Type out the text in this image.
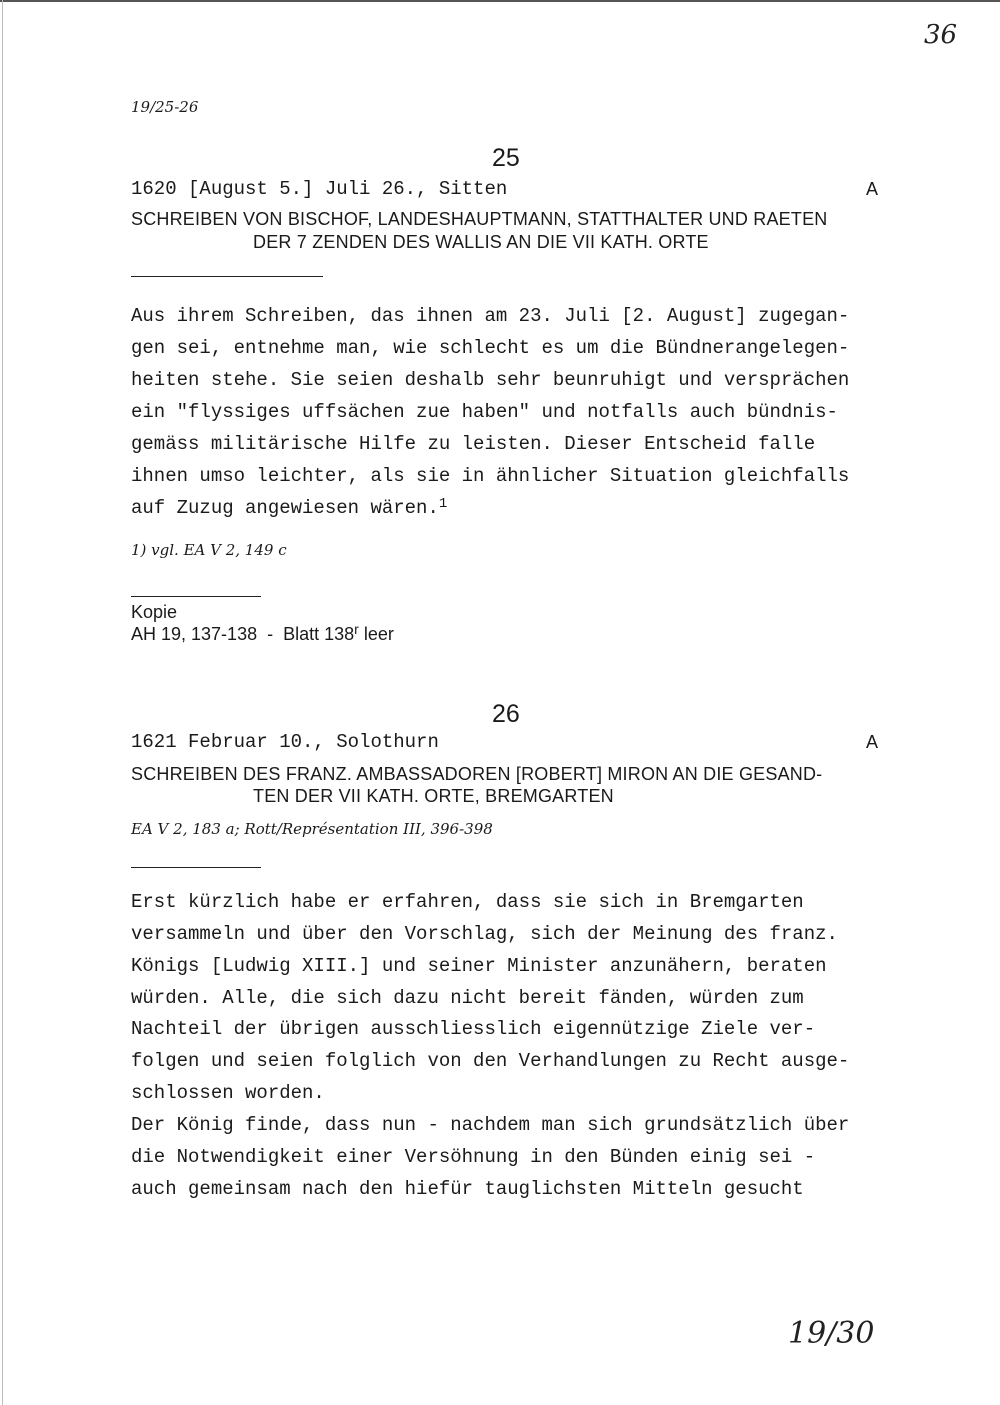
36
19/25-26
25
1620 [August 5.] Juli 26., Sitten	A
SCHREIBEN VON BISCHOF, LANDESHAUPTMANN, STATTHALTER UND RAETEN
DER 7 ZENDEN DES WALLIS AN DIE VII KATH. ORTE
Aus ihrem Schreiben, das ihnen am 23. Juli [2. August] zugegan-
gen sei, entnehme man, wie schlecht es um die Bündnerangelegen-
heiten stehe. Sie seien deshalb sehr beunruhigt und versprächen
ein "flyssiges uffsächen zue haben" und notfalls auch bündnis-
gemäss militärische Hilfe zu leisten. Dieser Entscheid falle
ihnen umso leichter, als sie in ähnlicher Situation gleichfalls
auf Zuzug angewiesen wären.$^1$
1) vgl. EA V 2, 149 c
Kopie
AH 19, 137-138  -  Blatt 138$^r$ leer
26
1621 Februar 10., Solothurn	A
SCHREIBEN DES FRANZ. AMBASSADOREN [ROBERT] MIRON AN DIE GESAND-
TEN DER VII KATH. ORTE, BREMGARTEN
EA V 2, 183 a; Rott/Représentation III, 396-398
Erst kürzlich habe er erfahren, dass sie sich in Bremgarten
versammeln und über den Vorschlag, sich der Meinung des franz.
Königs [Ludwig XIII.] und seiner Minister anzunähern, beraten
würden. Alle, die sich dazu nicht bereit fänden, würden zum
Nachteil der übrigen ausschliesslich eigennützige Ziele ver-
folgen und seien folglich von den Verhandlungen zu Recht ausge-
schlossen worden.
Der König finde, dass nun - nachdem man sich grundsätzlich über
die Notwendigkeit einer Versöhnung in den Bünden einig sei -
auch gemeinsam nach den hiefür tauglichsten Mitteln gesucht
19/30
